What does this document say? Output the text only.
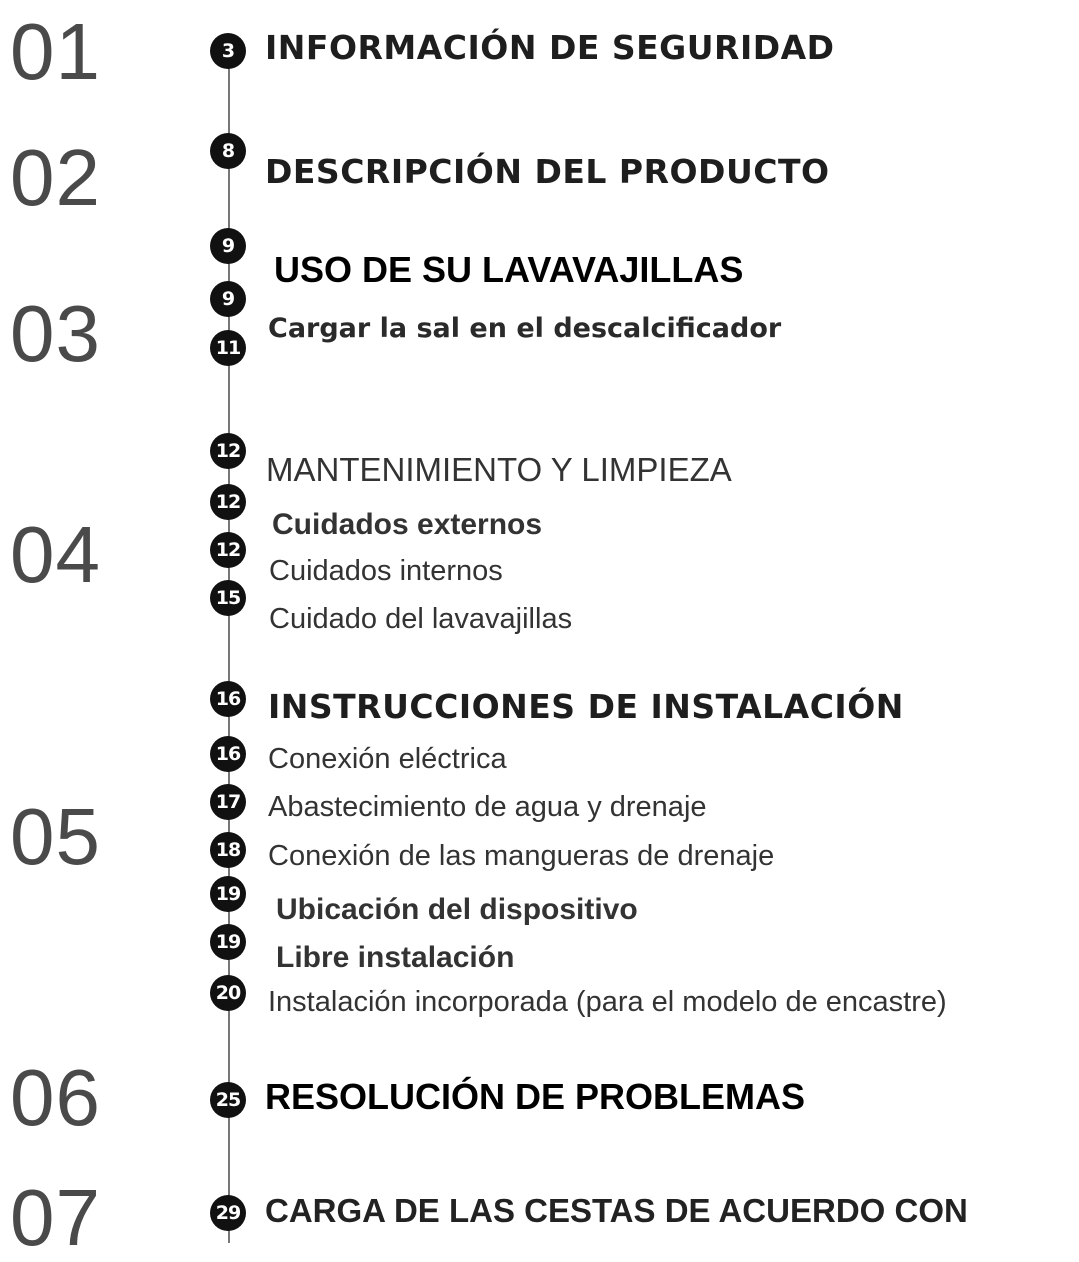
01
02
03
04
05
06
07
3
8
9
9
11
12
12
12
15
16
16
17
18
19
19
20
25
29
INFORMACIÓN DE SEGURIDAD
DESCRIPCIÓN DEL PRODUCTO
USO DE SU LAVAVAJILLAS
Cargar la sal en el descalcificador
MANTENIMIENTO Y LIMPIEZA
Cuidados externos
Cuidados internos
Cuidado del lavavajillas
INSTRUCCIONES DE INSTALACIÓN
Conexión eléctrica
Abastecimiento de agua y drenaje
Conexión de las mangueras de drenaje
Ubicación del dispositivo
Libre instalación
Instalación incorporada (para el modelo de encastre)
RESOLUCIÓN DE PROBLEMAS
CARGA DE LAS CESTAS DE ACUERDO CON
